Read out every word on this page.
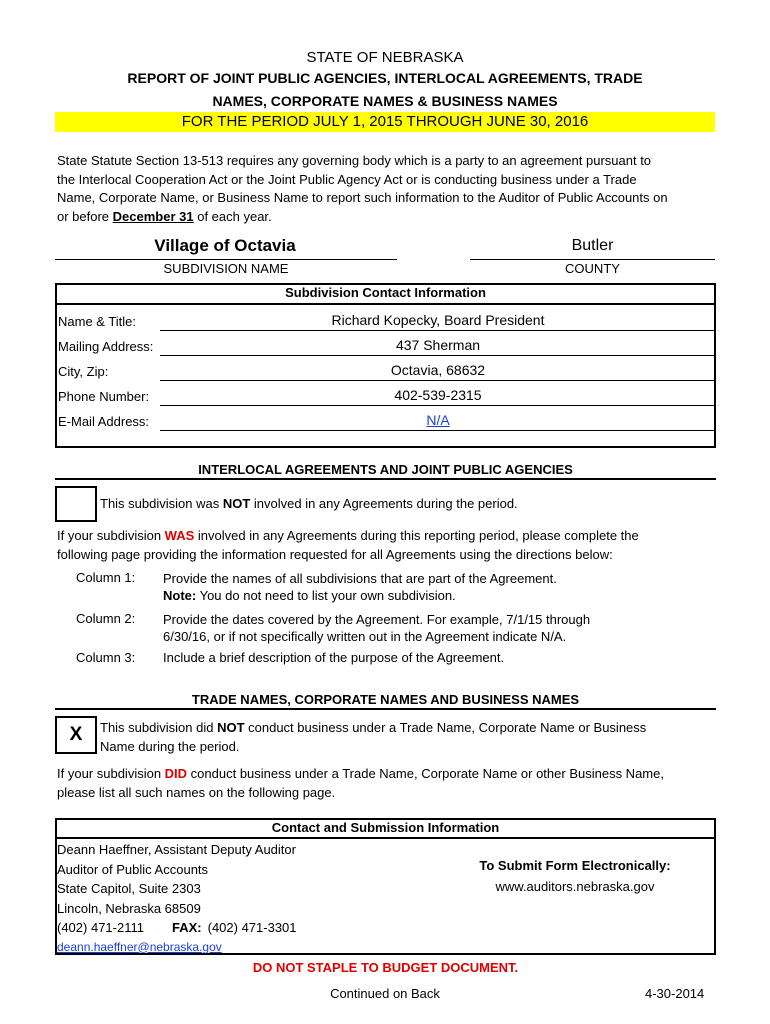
STATE OF NEBRASKA
REPORT OF JOINT PUBLIC AGENCIES, INTERLOCAL AGREEMENTS, TRADE
NAMES, CORPORATE NAMES & BUSINESS NAMES
FOR THE PERIOD JULY 1, 2015 THROUGH JUNE 30, 2016
State Statute Section 13-513 requires any governing body which is a party to an agreement pursuant to
the Interlocal Cooperation Act or the Joint Public Agency Act or is conducting business under a Trade
Name, Corporate Name, or Business Name to report such information to the Auditor of Public Accounts on
or before December 31 of each year.
Village of Octavia
SUBDIVISION NAME
Butler
COUNTY
Subdivision Contact Information
Name & Title:	Richard Kopecky, Board President
Mailing Address:	437 Sherman
City, Zip:	Octavia, 68632
Phone Number:	402-539-2315
E-Mail Address:	N/A
INTERLOCAL AGREEMENTS AND JOINT PUBLIC AGENCIES
This subdivision was NOT involved in any Agreements during the period.
If your subdivision WAS involved in any Agreements during this reporting period, please complete the
following page providing the information requested for all Agreements using the directions below:
Column 1: Provide the names of all subdivisions that are part of the Agreement.
Note: You do not need to list your own subdivision.
Column 2: Provide the dates covered by the Agreement. For example, 7/1/15 through
6/30/16, or if not specifically written out in the Agreement indicate N/A.
Column 3: Include a brief description of the purpose of the Agreement.
TRADE NAMES, CORPORATE NAMES AND BUSINESS NAMES
X	This subdivision did NOT conduct business under a Trade Name, Corporate Name or Business
Name during the period.
If your subdivision DID conduct business under a Trade Name, Corporate Name or other Business Name,
please list all such names on the following page.
Contact and Submission Information
Deann Haeffner, Assistant Deputy Auditor
Auditor of Public Accounts
State Capitol, Suite 2303
Lincoln, Nebraska 68509
(402) 471-2111 FAX: (402) 471-3301
deann.haeffner@nebraska.gov
To Submit Form Electronically:
www.auditors.nebraska.gov
DO NOT STAPLE TO BUDGET DOCUMENT.
Continued on Back	4-30-2014
